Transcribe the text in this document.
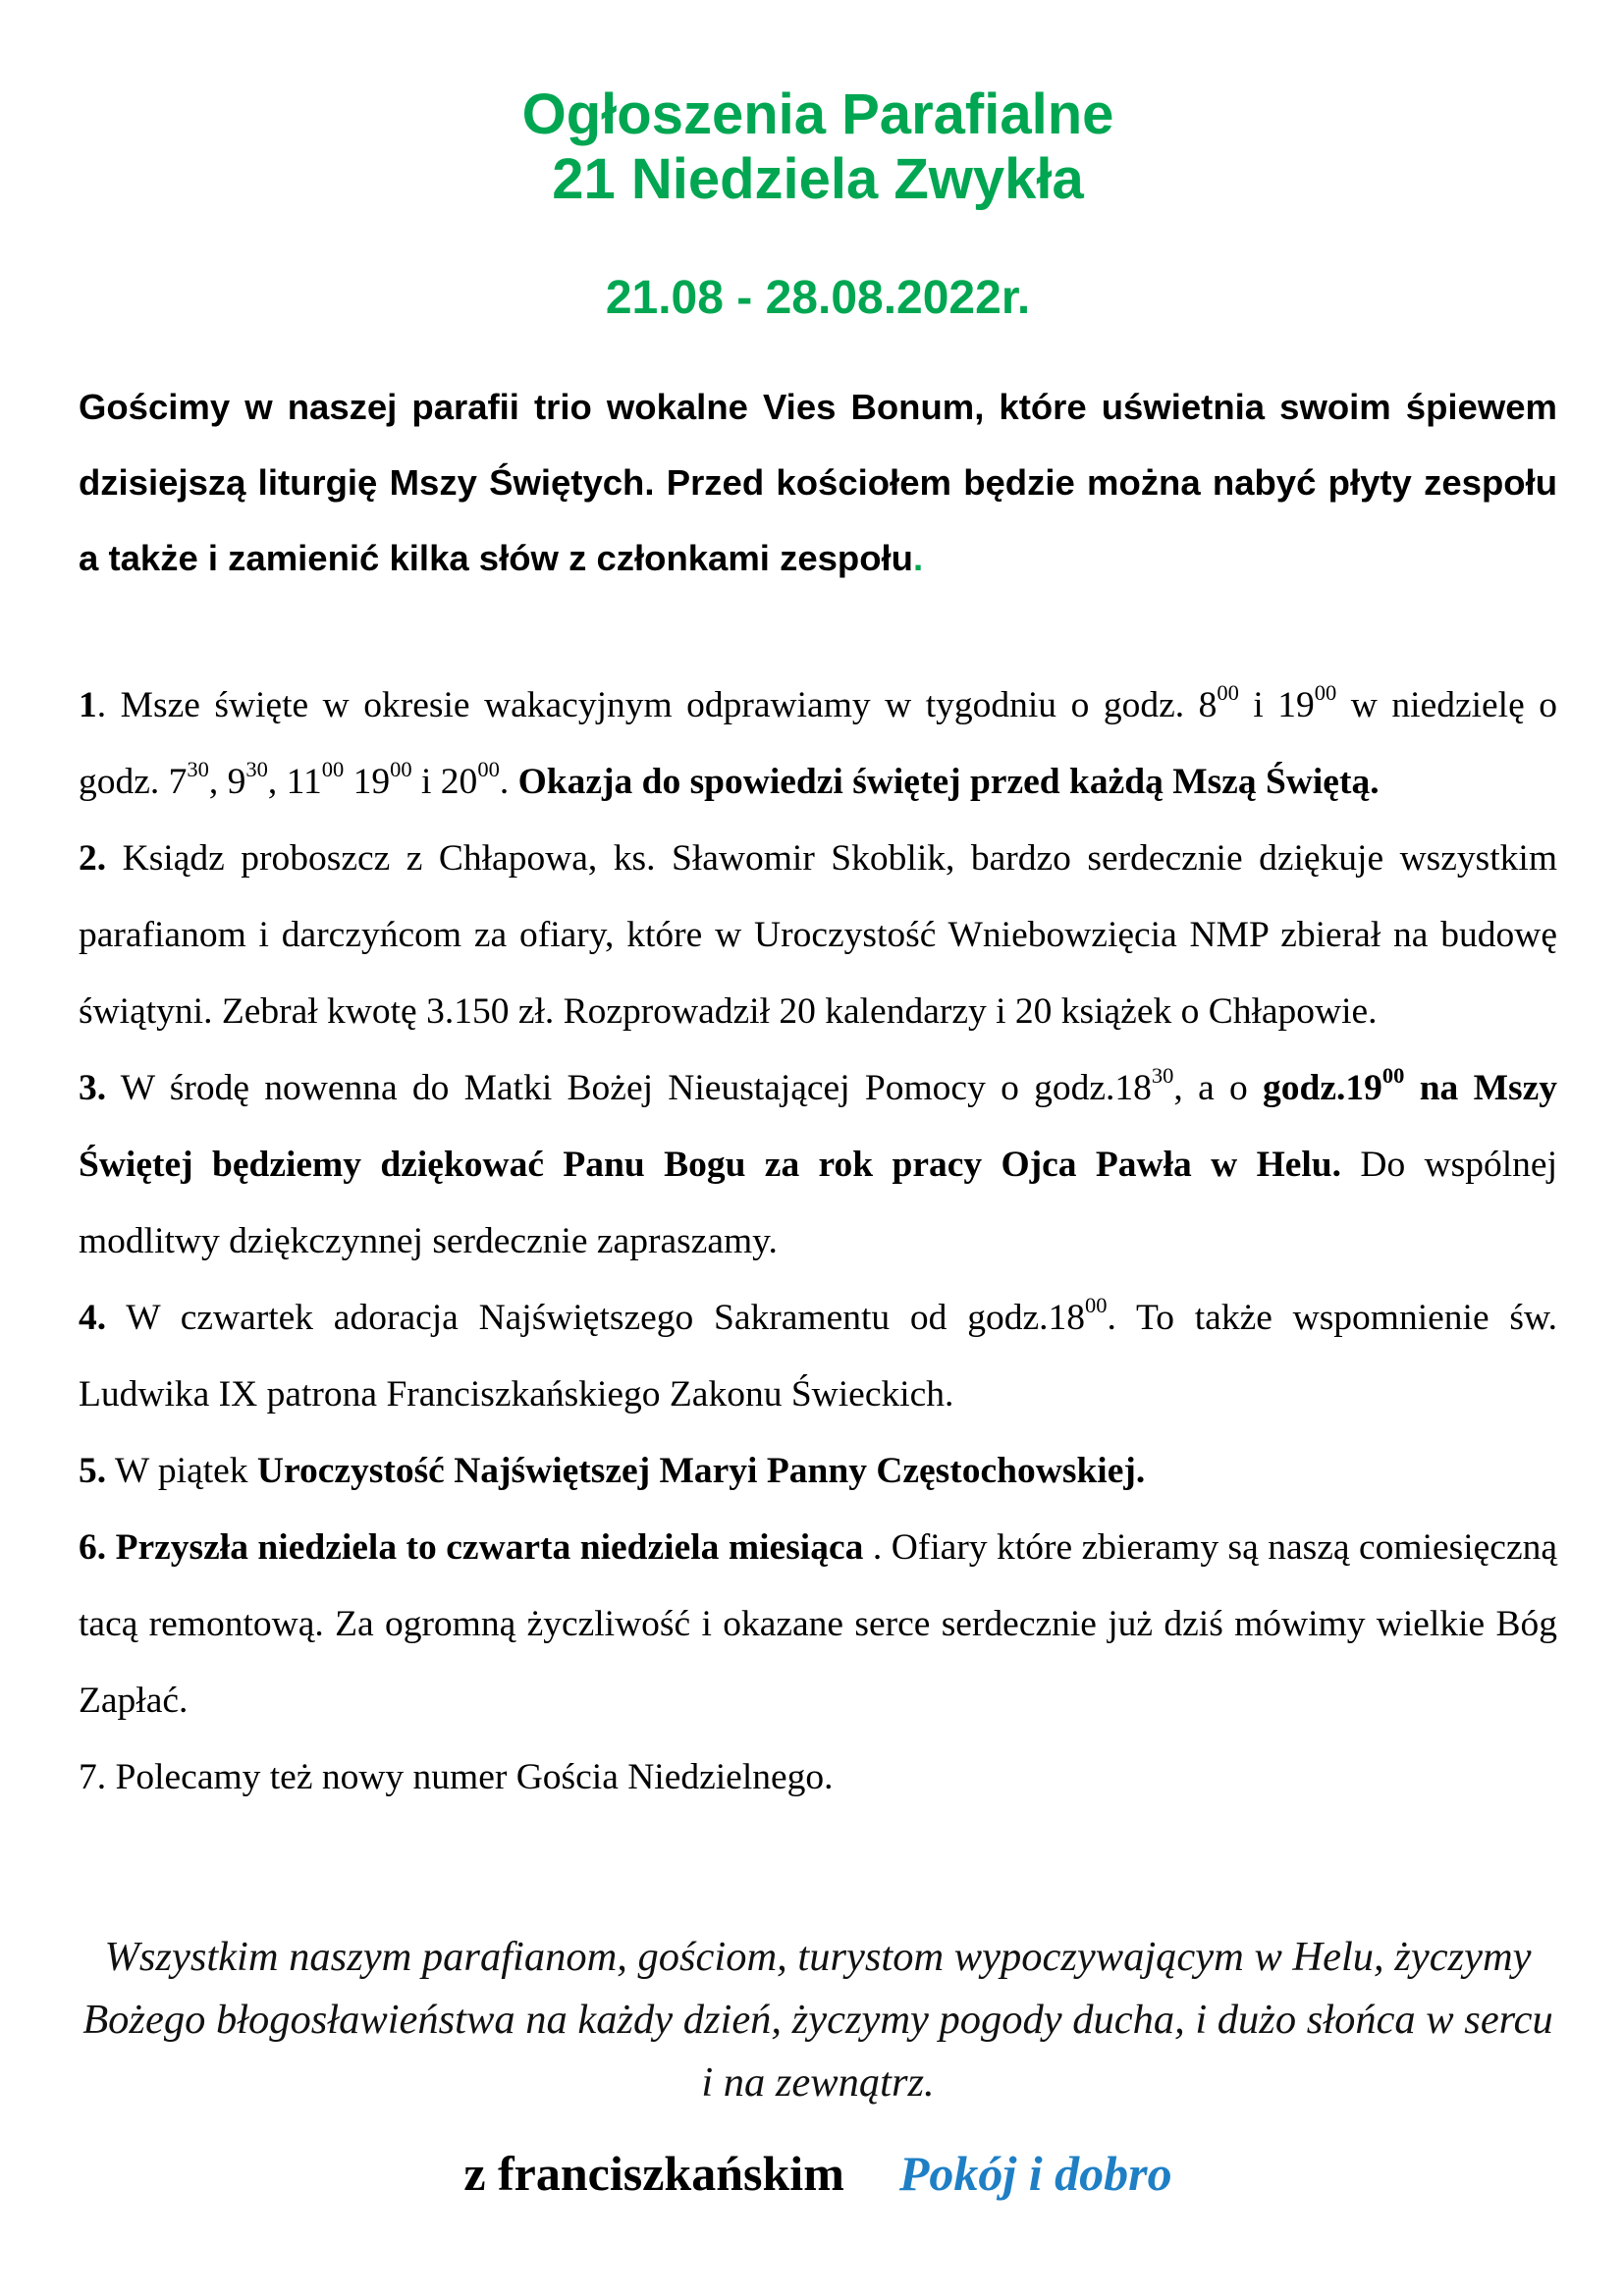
Ogłoszenia Parafialne

21 Niedziela Zwykła

21.08 - 28.08.2022r.

Gościmy w naszej parafii trio wokalne Vies Bonum, które uświetnia swoim śpiewem dzisiejszą liturgię Mszy Świętych. Przed kościołem będzie można nabyć płyty zespołu a także i zamienić kilka słów z członkami zespołu.

1. Msze święte w okresie wakacyjnym odprawiamy w tygodniu o godz. $8^{00}$ i $19^{00}$ w niedzielę o godz. $7^{30}$, $9^{30}$, $11^{00}$ $19^{00}$ i $20^{00}$. Okazja do spowiedzi świętej przed każdą Mszą Świętą.

2. Ksiądz proboszcz z Chłapowa, ks. Sławomir Skoblik, bardzo serdecznie dziękuje wszystkim parafianom i darczyńcom za ofiary, które w Uroczystość Wniebowzięcia NMP zbierał na budowę świątyni. Zebrał kwotę 3.150 zł. Rozprowadził 20 kalendarzy i 20 książek o Chłapowie.

3. W środę nowenna do Matki Bożej Nieustającej Pomocy o $godz.18^{30}$, a o $godz.19^{00}$ na Mszy Świętej będziemy dziękować Panu Bogu za rok pracy Ojca Pawła w Helu. Do wspólnej modlitwy dziękczynnej serdecznie zapraszamy.

4. W czwartek adoracja Najświętszego Sakramentu od $godz.18^{00}$. To także wspomnienie św. Ludwika IX patrona Franciszkańskiego Zakonu Świeckich.

5. W piątek Uroczystość Najświętszej Maryi Panny Częstochowskiej.

6. Przyszła niedziela to czwarta niedziela miesiąca . Ofiary które zbieramy są naszą comiesięczną tacą remontową. Za ogromną życzliwość i okazane serce serdecznie już dziś mówimy wielkie Bóg Zapłać.

7. Polecamy też nowy numer Gościa Niedzielnego.

Wszystkim naszym parafianom, gościom, turystom wypoczywającym w Helu, życzymy Bożego błogosławieństwa na każdy dzień, życzymy pogody ducha, i dużo słońca w sercu i na zewnątrz.

z franciszkańskim Pokój i dobro
